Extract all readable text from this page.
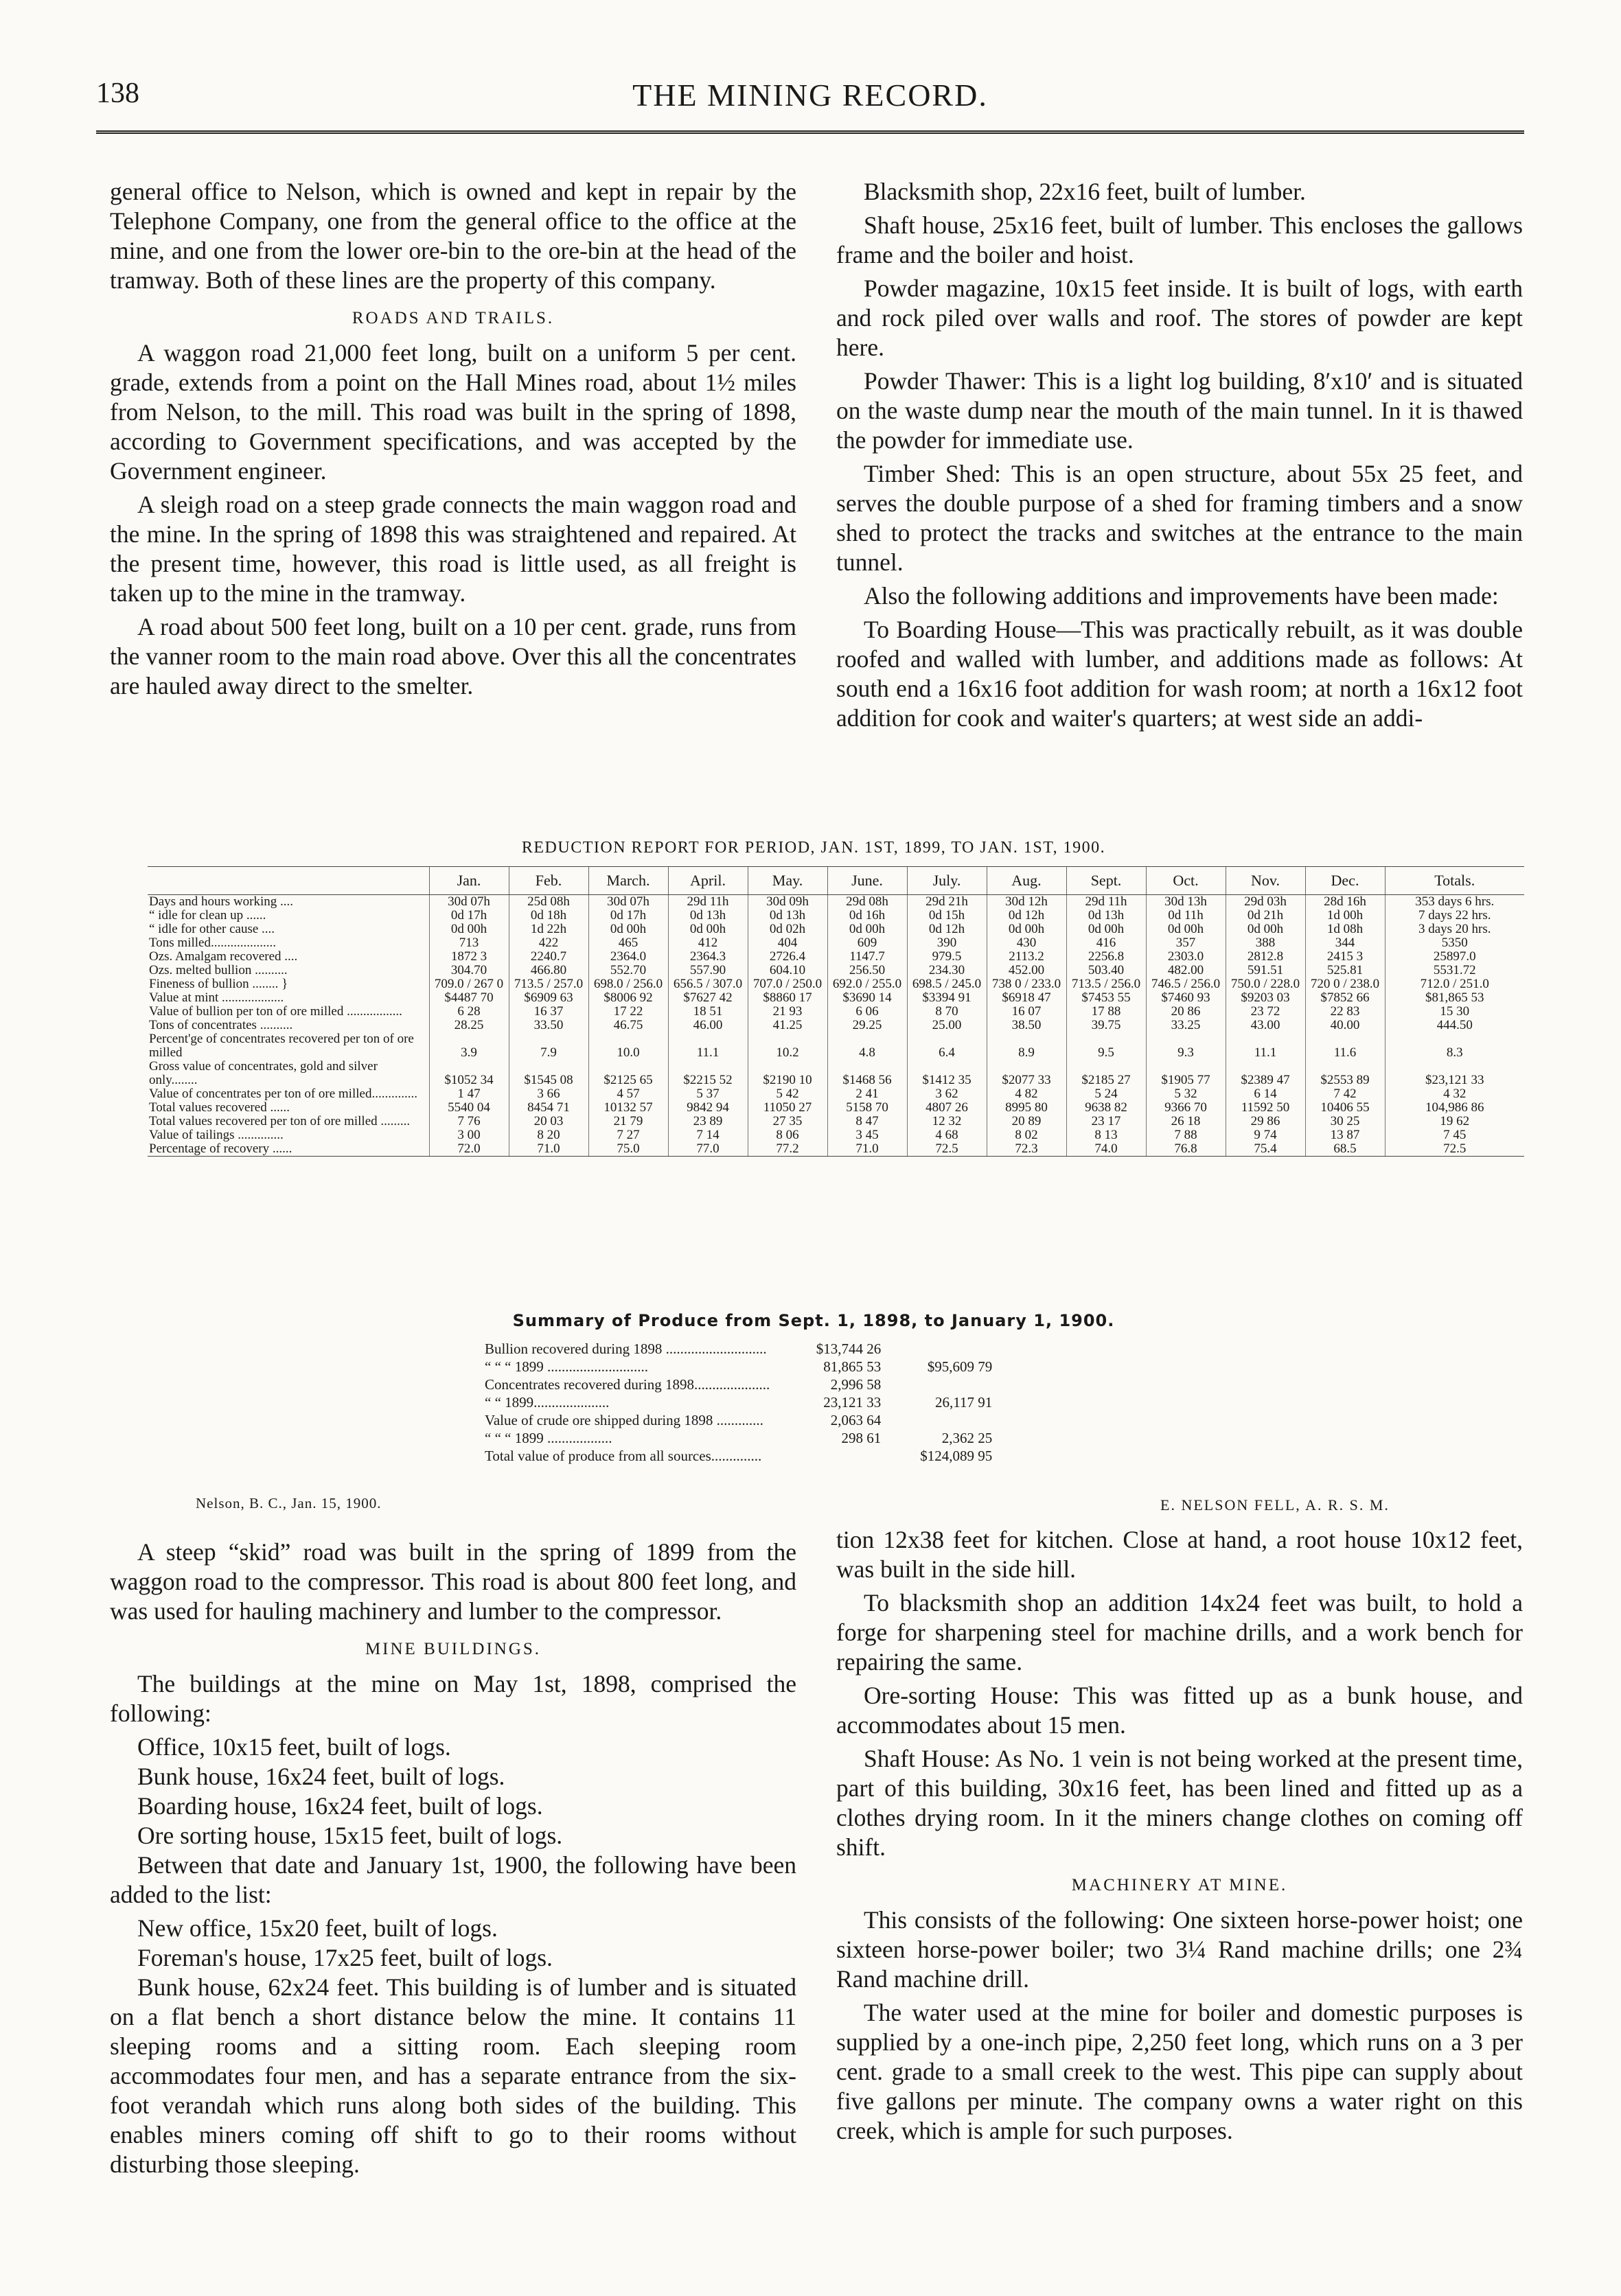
138	THE MINING RECORD.

general office to Nelson, which is owned and kept in repair by the Telephone Company, one from the general office to the office at the mine, and one from the lower ore-bin to the ore-bin at the head of the tramway. Both of these lines are the property of this company.

ROADS AND TRAILS.

A waggon road 21,000 feet long, built on a uniform 5 per cent. grade, extends from a point on the Hall Mines road, about 1½ miles from Nelson, to the mill. This road was built in the spring of 1898, according to Government specifications, and was accepted by the Government engineer.

A sleigh road on a steep grade connects the main waggon road and the mine. In the spring of 1898 this was straightened and repaired. At the present time, however, this road is little used, as all freight is taken up to the mine in the tramway.

A road about 500 feet long, built on a 10 per cent. grade, runs from the vanner room to the main road above. Over this all the concentrates are hauled away direct to the smelter.

Blacksmith shop, 22x16 feet, built of lumber.

Shaft house, 25x16 feet, built of lumber. This encloses the gallows frame and the boiler and hoist.

Powder magazine, 10x15 feet inside. It is built of logs, with earth and rock piled over walls and roof. The stores of powder are kept here.

Powder Thawer: This is a light log building, 8′x10′ and is situated on the waste dump near the mouth of the main tunnel. In it is thawed the powder for immediate use.

Timber Shed: This is an open structure, about 55x 25 feet, and serves the double purpose of a shed for framing timbers and a snow shed to protect the tracks and switches at the entrance to the main tunnel.

Also the following additions and improvements have been made:

To Boarding House—This was practically rebuilt, as it was double roofed and walled with lumber, and additions made as follows: At south end a 16x16 foot addition for wash room; at north a 16x12 foot addition for cook and waiter's quarters; at west side an addi-

REDUCTION REPORT FOR PERIOD, JAN. 1ST, 1899, TO JAN. 1ST, 1900.
	Jan.	Feb.	March.	April.	May.	June.	July.	Aug.	Sept.	Oct.	Nov.	Dec.	Totals.
Days and hours working ....	30d 07h	25d 08h	30d 07h	29d 11h	30d 09h	29d 08h	29d 21h	30d 12h	29d 11h	30d 13h	29d 03h	28d 16h	353 days 6 hrs.
“ idle for clean up ......	0d 17h	0d 18h	0d 17h	0d 13h	0d 13h	0d 16h	0d 15h	0d 12h	0d 13h	0d 11h	0d 21h	1d 00h	7 days 22 hrs.
“ idle for other cause ....	0d 00h	1d 22h	0d 00h	0d 00h	0d 02h	0d 00h	0d 12h	0d 00h	0d 00h	0d 00h	0d 00h	1d 08h	3 days 20 hrs.
Tons milled....................	713	422	465	412	404	609	390	430	416	357	388	344	5350
Ozs. Amalgam recovered ....	1872 3	2240.7	2364.0	2364.3	2726.4	1147.7	979.5	2113.2	2256.8	2303.0	2812.8	2415 3	25897.0
Ozs. melted bullion ..........	304.70	466.80	552.70	557.90	604.10	256.50	234.30	452.00	503.40	482.00	591.51	525.81	5531.72
Fineness of bullion ........ }	709.0 / 267 0	713.5 / 257.0	698.0 / 256.0	656.5 / 307.0	707.0 / 250.0	692.0 / 255.0	698.5 / 245.0	738 0 / 233.0	713.5 / 256.0	746.5 / 256.0	750.0 / 228.0	720 0 / 238.0	712.0 / 251.0
Value at mint ...................	$4487 70	$6909 63	$8006 92	$7627 42	$8860 17	$3690 14	$3394 91	$6918 47	$7453 55	$7460 93	$9203 03	$7852 66	$81,865 53
Value of bullion per ton of ore milled .................	6 28	16 37	17 22	18 51	21 93	6 06	8 70	16 07	17 88	20 86	23 72	22 83	15 30
Tons of concentrates ..........	28.25	33.50	46.75	46.00	41.25	29.25	25.00	38.50	39.75	33.25	43.00	40.00	444.50
Percent'ge of concentrates recovered per ton of ore milled	3.9	7.9	10.0	11.1	10.2	4.8	6.4	8.9	9.5	9.3	11.1	11.6	8.3
Gross value of concentrates, gold and silver only........	$1052 34	$1545 08	$2125 65	$2215 52	$2190 10	$1468 56	$1412 35	$2077 33	$2185 27	$1905 77	$2389 47	$2553 89	$23,121 33
Value of concentrates per ton of ore milled..............	1 47	3 66	4 57	5 37	5 42	2 41	3 62	4 82	5 24	5 32	6 14	7 42	4 32
Total values recovered ......	5540 04	8454 71	10132 57	9842 94	11050 27	5158 70	4807 26	8995 80	9638 82	9366 70	11592 50	10406 55	104,986 86
Total values recovered per ton of ore milled .........	7 76	20 03	21 79	23 89	27 35	8 47	12 32	20 89	23 17	26 18	29 86	30 25	19 62
Value of tailings ..............	3 00	8 20	7 27	7 14	8 06	3 45	4 68	8 02	8 13	7 88	9 74	13 87	7 45
Percentage of recovery ......	72.0	71.0	75.0	77.0	77.2	71.0	72.5	72.3	74.0	76.8	75.4	68.5	72.5
Summary of Produce from Sept. 1, 1898, to January 1, 1900.
Bullion recovered during 1898 ............................	$13,744 26	
“ “ “ 1899 ............................	81,865 53	$95,609 79
Concentrates recovered during 1898.....................	2,996 58	
“ “ 1899.....................	23,121 33	26,117 91
Value of crude ore shipped during 1898 .............	2,063 64	
“ “ “ 1899 ..................	298 61	2,362 25

Total value of produce from all sources..............		$124,089 95
Nelson, B. C., Jan. 15, 1900.	E. NELSON FELL, A. R. S. M.

A steep “skid” road was built in the spring of 1899 from the waggon road to the compressor. This road is about 800 feet long, and was used for hauling machinery and lumber to the compressor.

MINE BUILDINGS.

The buildings at the mine on May 1st, 1898, comprised the following:

Office, 10x15 feet, built of logs.

Bunk house, 16x24 feet, built of logs.

Boarding house, 16x24 feet, built of logs.

Ore sorting house, 15x15 feet, built of logs.

Between that date and January 1st, 1900, the following have been added to the list:

New office, 15x20 feet, built of logs.

Foreman's house, 17x25 feet, built of logs.

Bunk house, 62x24 feet. This building is of lumber and is situated on a flat bench a short distance below the mine. It contains 11 sleeping rooms and a sitting room. Each sleeping room accommodates four men, and has a separate entrance from the six-foot verandah which runs along both sides of the building. This enables miners coming off shift to go to their rooms without disturbing those sleeping.

tion 12x38 feet for kitchen. Close at hand, a root house 10x12 feet, was built in the side hill.

To blacksmith shop an addition 14x24 feet was built, to hold a forge for sharpening steel for machine drills, and a work bench for repairing the same.

Ore-sorting House: This was fitted up as a bunk house, and accommodates about 15 men.

Shaft House: As No. 1 vein is not being worked at the present time, part of this building, 30x16 feet, has been lined and fitted up as a clothes drying room. In it the miners change clothes on coming off shift.

MACHINERY AT MINE.

This consists of the following: One sixteen horse-power hoist; one sixteen horse-power boiler; two 3¼ Rand machine drills; one 2¾ Rand machine drill.

The water used at the mine for boiler and domestic purposes is supplied by a one-inch pipe, 2,250 feet long, which runs on a 3 per cent. grade to a small creek to the west. This pipe can supply about five gallons per minute. The company owns a water right on this creek, which is ample for such purposes.
